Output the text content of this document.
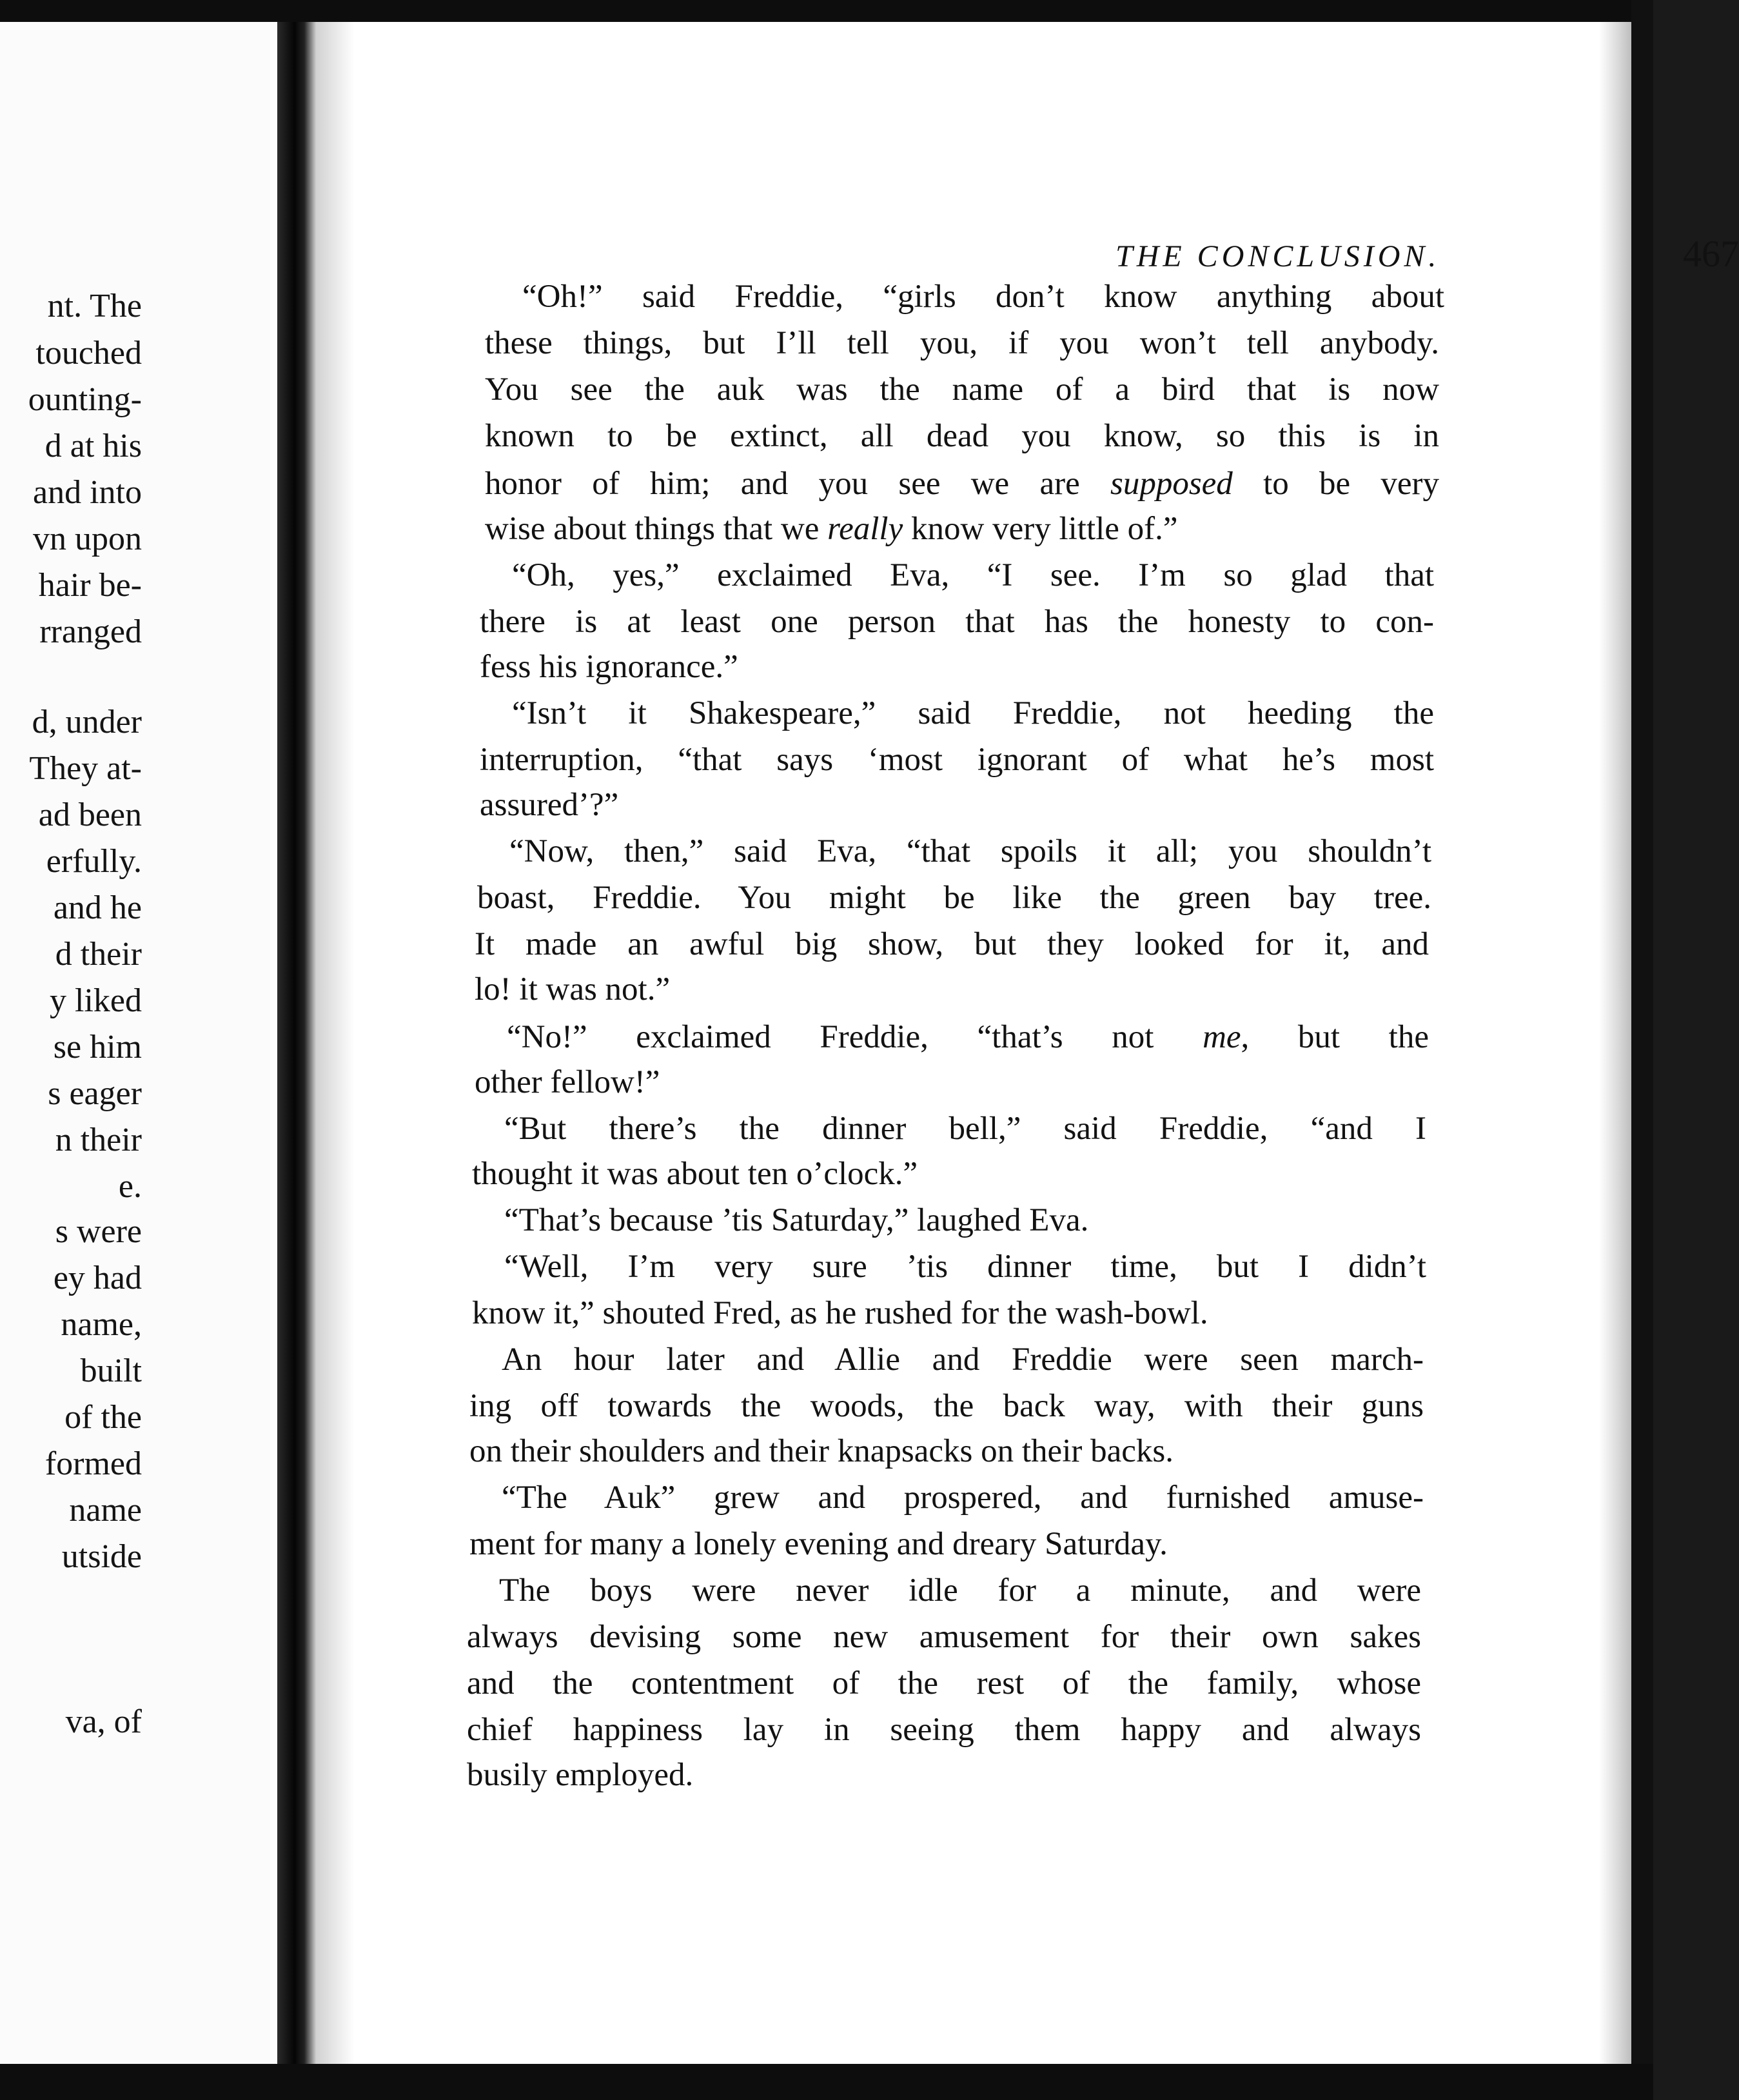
nt. The
touched
ounting-
d at his
and into
vn upon
hair be-
rranged
d, under
They at-
ad been
erfully.
and he
d their
y liked
se him
s eager
n their
e.
s were
ey had
name,
built
of the
formed
name
utside
va, of
THE CONCLUSION.	467
“Oh!” said Freddie, “girls don’t know anything about
these things, but I’ll tell you, if you won’t tell anybody.
You see the auk was the name of a bird that is now
known to be extinct, all dead you know, so this is in
honor of him; and you see we are supposed to be very
wise about things that we really know very little of.”
“Oh, yes,” exclaimed Eva, “I see. I’m so glad that
there is at least one person that has the honesty to con-
fess his ignorance.”
“Isn’t it Shakespeare,” said Freddie, not heeding the
interruption, “that says ‘most ignorant of what he’s most
assured’?”
“Now, then,” said Eva, “that spoils it all; you shouldn’t
boast, Freddie. You might be like the green bay tree.
It made an awful big show, but they looked for it, and
lo! it was not.”
“No!” exclaimed Freddie, “that’s not me, but the
other fellow!”
“But there’s the dinner bell,” said Freddie, “and I
thought it was about ten o’clock.”
“That’s because ’tis Saturday,” laughed Eva.
“Well, I’m very sure ’tis dinner time, but I didn’t
know it,” shouted Fred, as he rushed for the wash-bowl.
An hour later and Allie and Freddie were seen march-
ing off towards the woods, the back way, with their guns
on their shoulders and their knapsacks on their backs.
“The Auk” grew and prospered, and furnished amuse-
ment for many a lonely evening and dreary Saturday.
The boys were never idle for a minute, and were
always devising some new amusement for their own sakes
and the contentment of the rest of the family, whose
chief happiness lay in seeing them happy and always
busily employed.
